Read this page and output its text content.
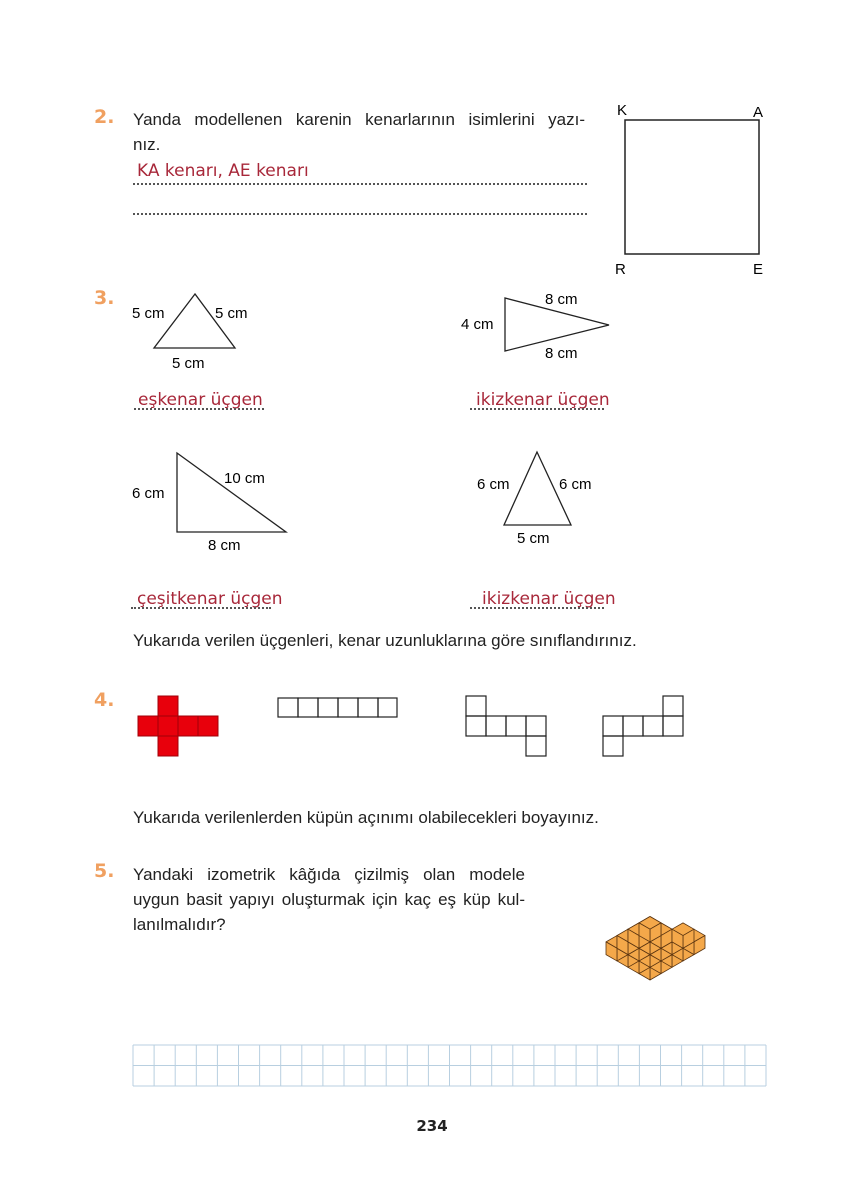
2. Yanda modellenen karenin kenarlarının isimlerini yazı-
nız.
KA kenarı, AE kenarı
K	A
R	E
3.
5 cm	5 cm
5 cm
eşkenar üçgen
4 cm
8 cm
8 cm
ikizkenar üçgen
6 cm
10 cm
8 cm
çeşitkenar üçgen
6 cm	6 cm
5 cm
ikizkenar üçgen
Yukarıda verilen üçgenleri, kenar uzunluklarına göre sınıflandırınız.
4.
Yukarıda verilenlerden küpün açınımı olabilecekleri boyayınız.
5. Yandaki izometrik kâğıda çizilmiş olan modele
uygun basit yapıyı oluşturmak için kaç eş küp kul-
lanılmalıdır?
234
